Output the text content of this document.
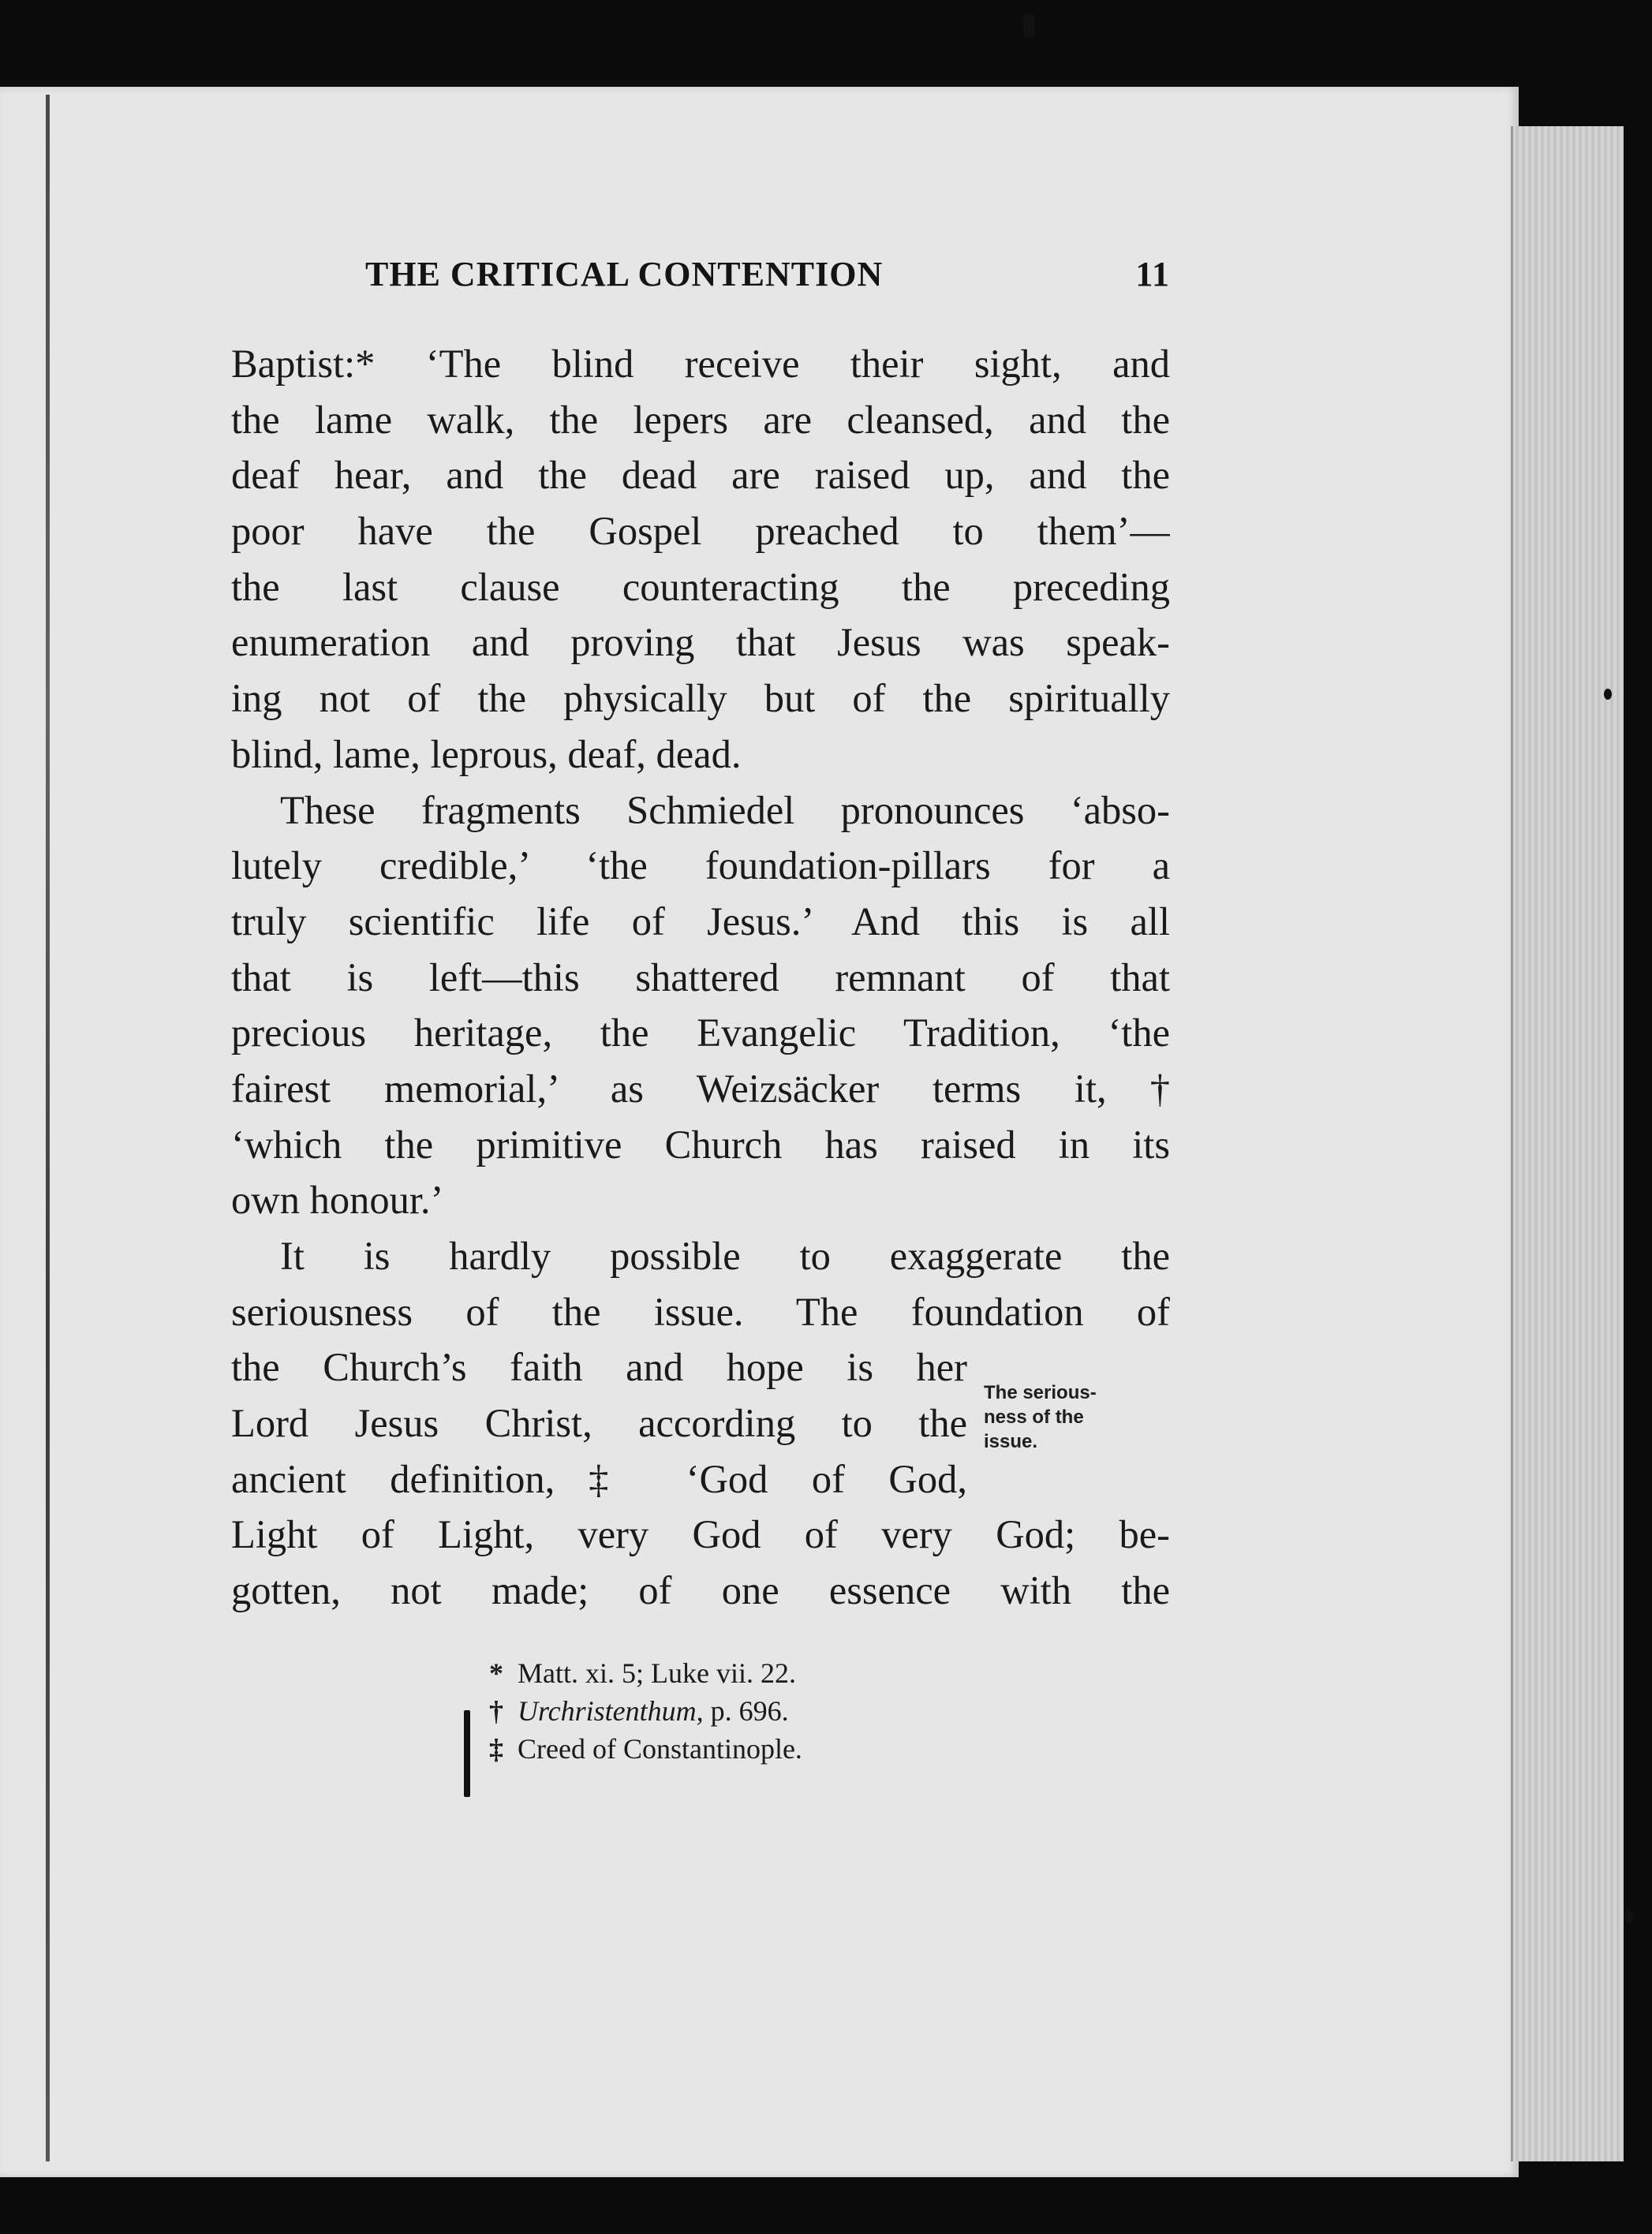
THE CRITICAL CONTENTION	11
Baptist:* ‘The blind receive their sight, and
the lame walk, the lepers are cleansed, and the
deaf hear, and the dead are raised up, and the
poor have the Gospel preached to them’—
the last clause counteracting the preceding
enumeration and proving that Jesus was speak-
ing not of the physically but of the spiritually
blind, lame, leprous, deaf, dead.
These fragments Schmiedel pronounces ‘abso-
lutely credible,’ ‘the foundation-pillars for a
truly scientific life of Jesus.’ And this is all
that is left—this shattered remnant of that
precious heritage, the Evangelic Tradition, ‘the
fairest memorial,’ as Weizsäcker terms it,†
‘which the primitive Church has raised in its
own honour.’
It is hardly possible to exaggerate the
seriousness of the issue. The foundation of
the Church’s faith and hope is her
Lord Jesus Christ, according to the
ancient definition,‡ ‘God of God,
Light of Light, very God of very God; be-
gotten, not made; of one essence with the
The serious-
ness of the
issue.
* Matt. xi. 5; Luke vii. 22.
† Urchristenthum, p. 696.
‡ Creed of Constantinople.
